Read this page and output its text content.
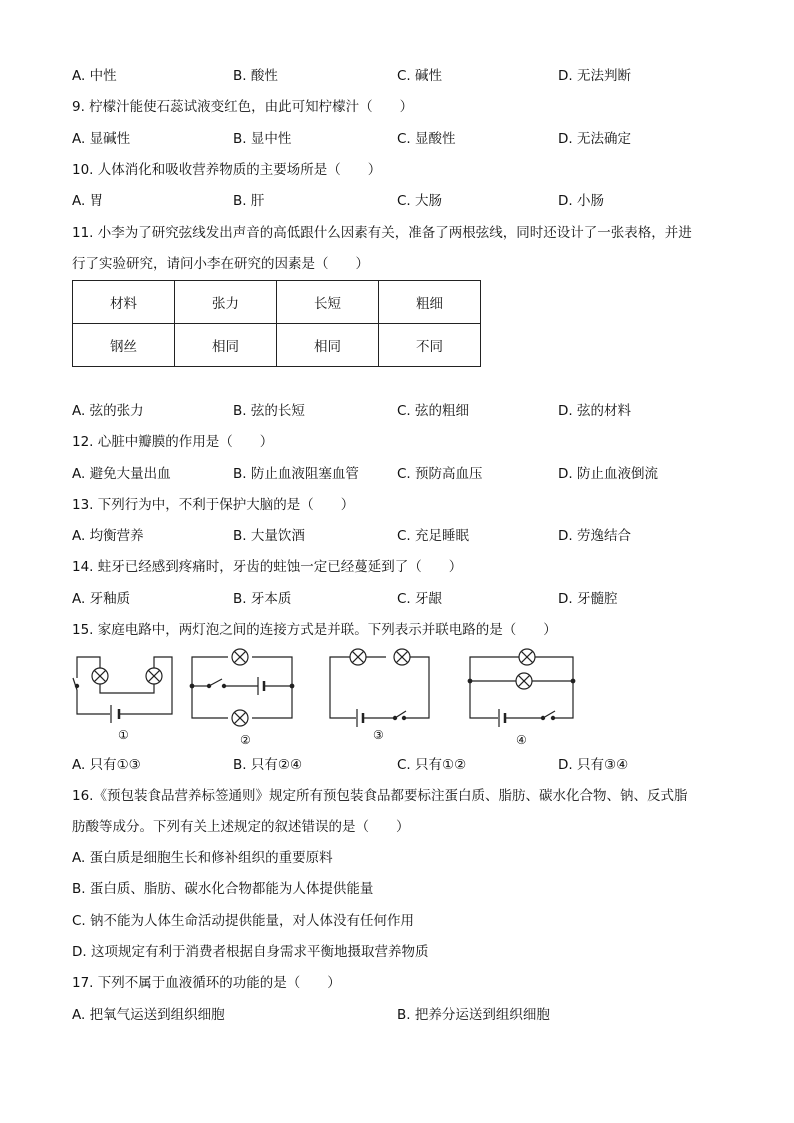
A. 中性	B. 酸性	C. 碱性	D. 无法判断
9. 柠檬汁能使石蕊试液变红色，由此可知柠檬汁（　　）
A. 显碱性	B. 显中性	C. 显酸性	D. 无法确定
10. 人体消化和吸收营养物质的主要场所是（　　）
A. 胃	B. 肝	C. 大肠	D. 小肠
11. 小李为了研究弦线发出声音的高低跟什么因素有关，准备了两根弦线，同时还设计了一张表格，并进
行了实验研究，请问小李在研究的因素是（　　）
材料	张力	长短	粗细
钢丝	相同	相同	不同
A. 弦的张力	B. 弦的长短	C. 弦的粗细	D. 弦的材料
12. 心脏中瓣膜的作用是（　　）
A. 避免大量出血	B. 防止血液阻塞血管	C. 预防高血压	D. 防止血液倒流
13. 下列行为中，不利于保护大脑的是（　　）
A. 均衡营养	B. 大量饮酒	C. 充足睡眠	D. 劳逸结合
14. 蛀牙已经感到疼痛时，牙齿的蛀蚀一定已经蔓延到了（　　）
A. 牙釉质	B. 牙本质	C. 牙龈	D. 牙髓腔
15. 家庭电路中，两灯泡之间的连接方式是并联。下列表示并联电路的是（　　）
①	②	③	④
A. 只有①③	B. 只有②④	C. 只有①②	D. 只有③④
16.《预包装食品营养标签通则》规定所有预包装食品都要标注蛋白质、脂肪、碳水化合物、钠、反式脂
肪酸等成分。下列有关上述规定的叙述错误的是（　　）
A. 蛋白质是细胞生长和修补组织的重要原料
B. 蛋白质、脂肪、碳水化合物都能为人体提供能量
C. 钠不能为人体生命活动提供能量，对人体没有任何作用
D. 这项规定有利于消费者根据自身需求平衡地摄取营养物质
17. 下列不属于血液循环的功能的是（　　）
A. 把氧气运送到组织细胞	B. 把养分运送到组织细胞
